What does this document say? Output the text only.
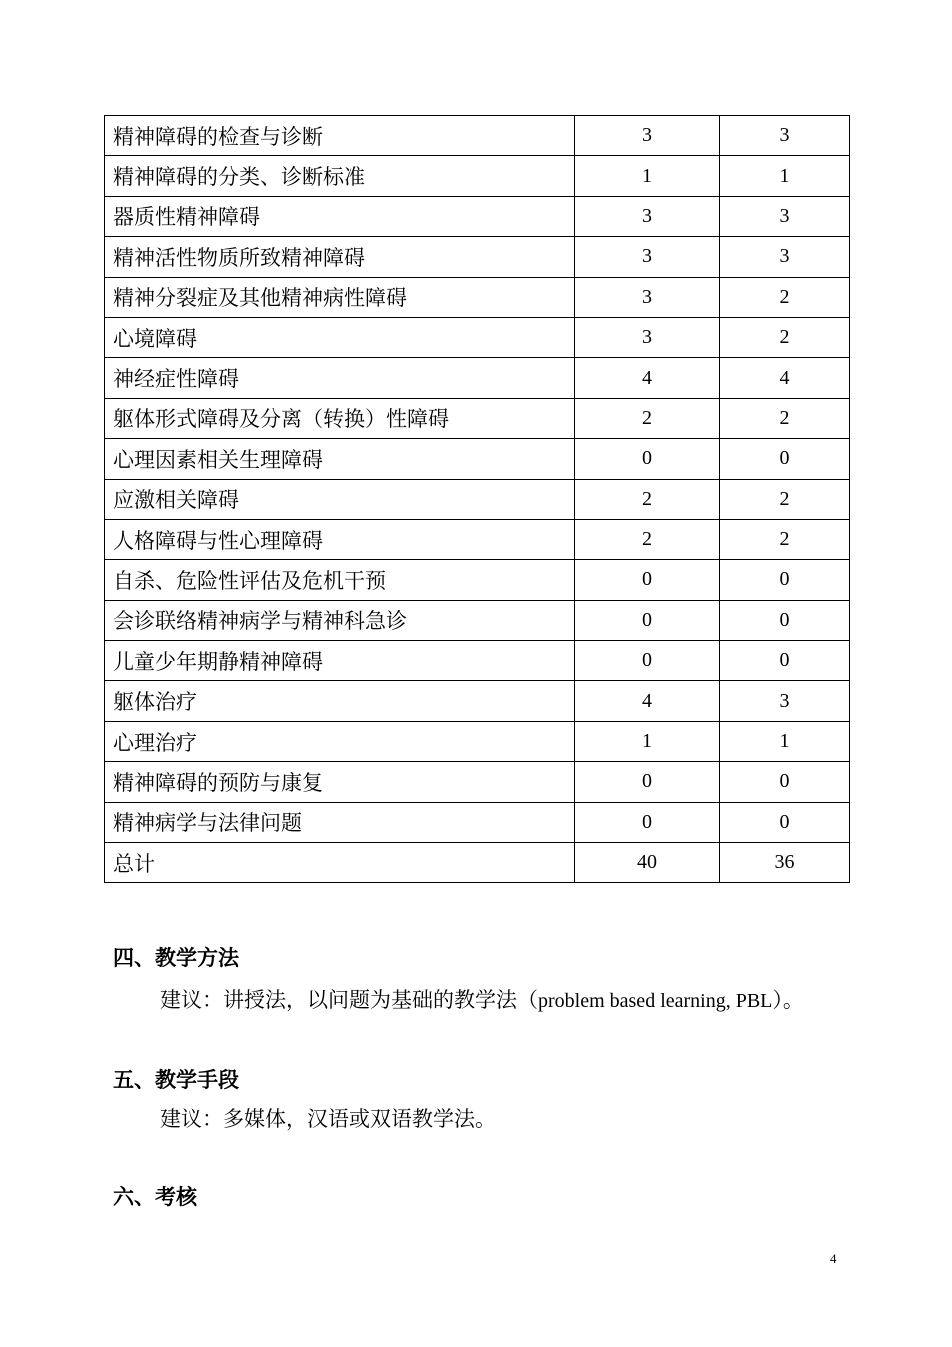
精神障碍的检查与诊断	3	3
精神障碍的分类、诊断标准	1	1
器质性精神障碍	3	3
精神活性物质所致精神障碍	3	3
精神分裂症及其他精神病性障碍	3	2
心境障碍	3	2
神经症性障碍	4	4
躯体形式障碍及分离（转换）性障碍	2	2
心理因素相关生理障碍	0	0
应激相关障碍	2	2
人格障碍与性心理障碍	2	2
自杀、危险性评估及危机干预	0	0
会诊联络精神病学与精神科急诊	0	0
儿童少年期静精神障碍	0	0
躯体治疗	4	3
心理治疗	1	1
精神障碍的预防与康复	0	0
精神病学与法律问题	0	0
总计	40	36
四、教学方法
建议：讲授法，以问题为基础的教学法（problem based learning, PBL）。
五、教学手段
建议：多媒体，汉语或双语教学法。
六、考核
4
